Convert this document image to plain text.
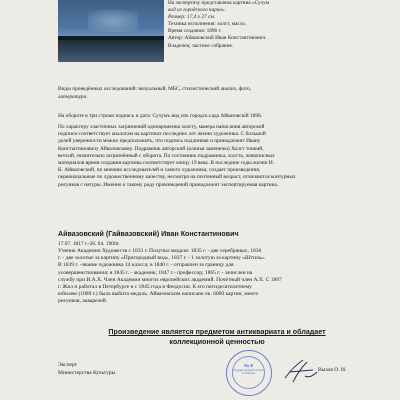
На экспертизу представлена картина «Сухум
вид из городского парка».
Размер: 17,4 х 27 см.
Техника исполнения: холст, масло.
Время создания: 1896 г.
Автор: Айвазовский Иван Константинович.
Владелец: частное собрание.
Виды проведённых исследований: визуальный, МБС, стилистический анализ, фото,
литература.
На обороте в три строки подпись и дата: Сухумъ вид изъ городск.сада Айвазовскій 1896.
По характеру эластичных загрязнений одновременна холсту, манера написания авторской
подписи соответствует аналогам на картинах последних лет жизни художника. С большой
долей уверенности можно предположить, что подпись подлинная и принадлежит Ивану
Константиновичу Айвазовскому. Подрамник авторский (клинья заменены) Холст тонкий,
ветхий, значительно загрязнённый с оборота. По состоянию подрамника, холста, живописных
материалов время создания картины соответствует концу 19 века. В последние годы жизни И.
К. Айвазовский, по мнению исследователей и самого художника, создает произведения,
первоначальные по художественному качеству, несмотря на почтенный возраст, отличаются контурных
рисунков с натуры. Именно к такому роду произведений принадлежит экспертируемая картина.
Айвазовский (Гайвазовский) Иван Константинович
17.07. 1817 г.-20. 04. 1900г.
Ученик Академии Художеств с 1833 г. Получил медали: 1835 г. - две серебряных, 1836
г. - две золотые за картину «Пригородный вид», 1837 г. - 1 золотую за картину «Штиль».
В 1839 г. -звание художника 14 класса; в 1840 г. - отправлен за границу для
усовершенствования; в 1845 г. - академик; 1847 г.- профессор; 1865 г. - зачислен на
службу при И.А.Х. Член Академии многих европейских академий. Почётный член А.Х. С 1887
г. Жил и работал в Петербурге и с 1845 года в Феодосии. К его пятидесятилетнему
юбилею (1889 г.) была выбита медаль. Айвазовским написано ок. 6000 картин, много
рисунков, акварелей.
Произведение является предметом антиквариата и обладает
коллекционной ценностью
Эксперт
Министерства Культуры
№ 8
Государственный эксперт О.И.Вызов
Вызов О. И.
